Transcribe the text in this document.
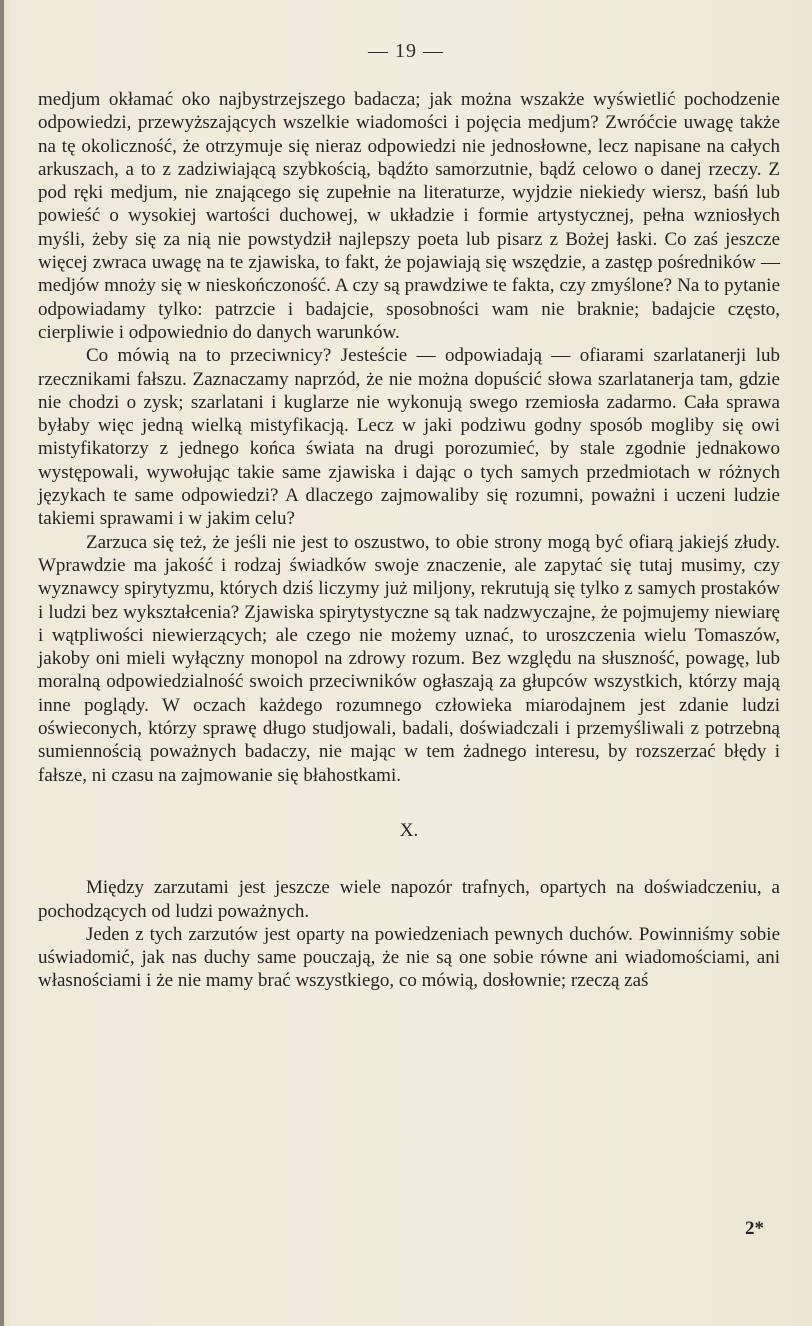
— 19 —

medjum okłamać oko najbystrzejszego badacza; jak można wszakże wyświetlić pochodzenie odpowiedzi, przewyższających wszelkie wiadomości i pojęcia medjum? Zwróćcie uwagę także na tę okoliczność, że otrzymuje się nieraz odpowiedzi nie jednosłowne, lecz napisane na całych arkuszach, a to z zadziwiającą szybkością, bądźto samorzutnie, bądź celowo o danej rzeczy. Z pod ręki medjum, nie znającego się zupełnie na literaturze, wyjdzie niekiedy wiersz, baśń lub powieść o wysokiej wartości duchowej, w układzie i formie artystycznej, pełna wzniosłych myśli, żeby się za nią nie powstydził najlepszy poeta lub pisarz z Bożej łaski. Co zaś jeszcze więcej zwraca uwagę na te zjawiska, to fakt, że pojawiają się wszędzie, a zastęp pośredników — medjów mnoży się w nieskończoność. A czy są prawdziwe te fakta, czy zmyślone? Na to pytanie odpowiadamy tylko: patrzcie i badajcie, sposobności wam nie braknie; badajcie często, cierpliwie i odpowiednio do danych warunków.

Co mówią na to przeciwnicy? Jesteście — odpowiadają — ofiarami szarlatanerji lub rzecznikami fałszu. Zaznaczamy naprzód, że nie można dopuścić słowa szarlatanerja tam, gdzie nie chodzi o zysk; szarlatani i kuglarze nie wykonują swego rzemiosła zadarmo. Cała sprawa byłaby więc jedną wielką mistyfikacją. Lecz w jaki podziwu godny sposób mogliby się owi mistyfikatorzy z jednego końca świata na drugi porozumieć, by stale zgodnie jednakowo występowali, wywołując takie same zjawiska i dając o tych samych przedmiotach w różnych językach te same odpowiedzi? A dlaczego zajmowaliby się rozumni, poważni i uczeni ludzie takiemi sprawami i w jakim celu?

Zarzuca się też, że jeśli nie jest to oszustwo, to obie strony mogą być ofiarą jakiejś złudy. Wprawdzie ma jakość i rodzaj świadków swoje znaczenie, ale zapytać się tutaj musimy, czy wyznawcy spirytyzmu, których dziś liczymy już miljony, rekrutują się tylko z samych prostaków i ludzi bez wykształcenia? Zjawiska spirytystyczne są tak nadzwyczajne, że pojmujemy niewiarę i wątpliwości niewierzących; ale czego nie możemy uznać, to uroszczenia wielu Tomaszów, jakoby oni mieli wyłączny monopol na zdrowy rozum. Bez względu na słuszność, powagę, lub moralną odpowiedzialność swoich przeciwników ogłaszają za głupców wszystkich, którzy mają inne poglądy. W oczach każdego rozumnego człowieka miarodajnem jest zdanie ludzi oświeconych, którzy sprawę długo studjowali, badali, doświadczali i przemyśliwali z potrzebną sumiennością poważnych badaczy, nie mając w tem żadnego interesu, by rozszerzać błędy i fałsze, ni czasu na zajmowanie się błahostkami.

X.

Między zarzutami jest jeszcze wiele napozór trafnych, opartych na doświadczeniu, a pochodzących od ludzi poważnych.

Jeden z tych zarzutów jest oparty na powiedzeniach pewnych duchów. Powinniśmy sobie uświadomić, jak nas duchy same pouczają, że nie są one sobie równe ani wiadomościami, ani własnościami i że nie mamy brać wszystkiego, co mówią, dosłownie; rzeczą zaś

2*
